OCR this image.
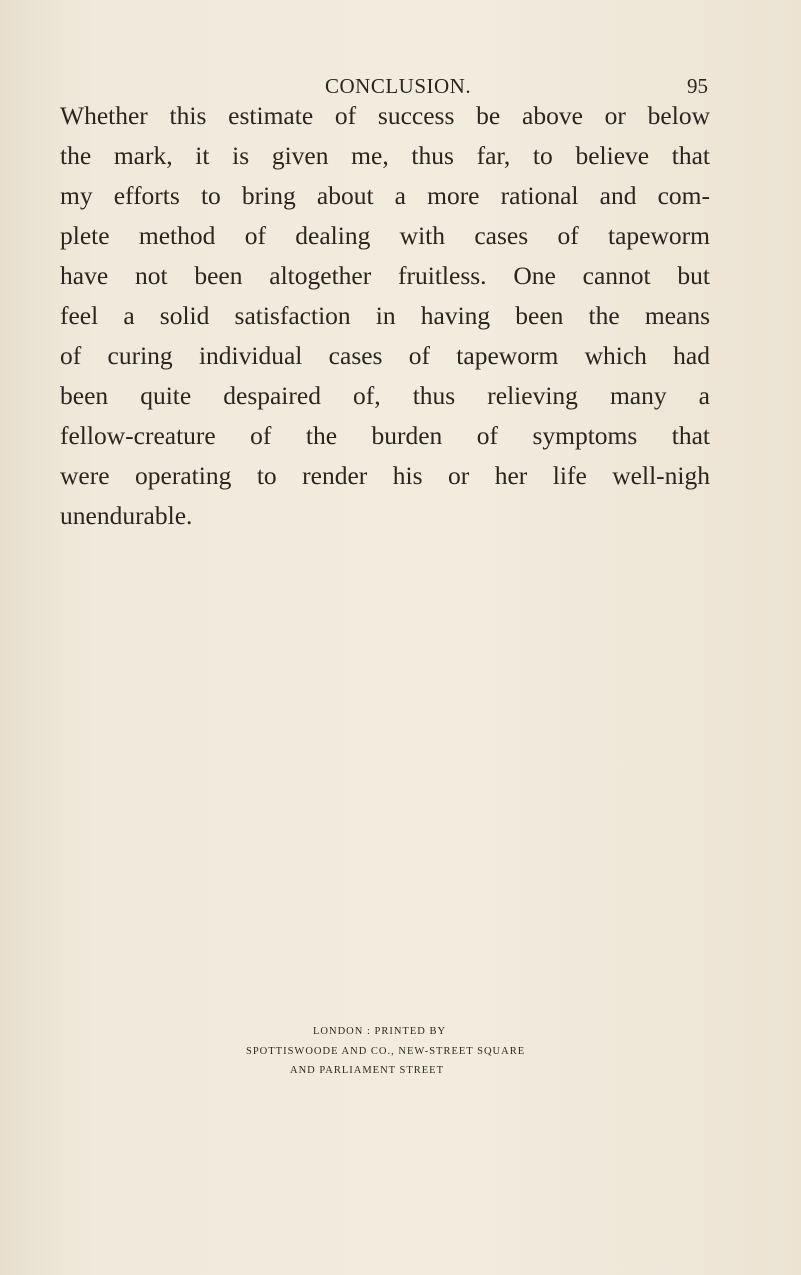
CONCLUSION.	95
Whether this estimate of success be above or below
the mark, it is given me, thus far, to believe that
my efforts to bring about a more rational and com-
plete method of dealing with cases of tapeworm
have not been altogether fruitless. One cannot but
feel a solid satisfaction in having been the means
of curing individual cases of tapeworm which had
been quite despaired of, thus relieving many a
fellow-creature of the burden of symptoms that
were operating to render his or her life well-nigh
unendurable.
LONDON : PRINTED BY
SPOTTISWOODE AND CO., NEW-STREET SQUARE
AND PARLIAMENT STREET
